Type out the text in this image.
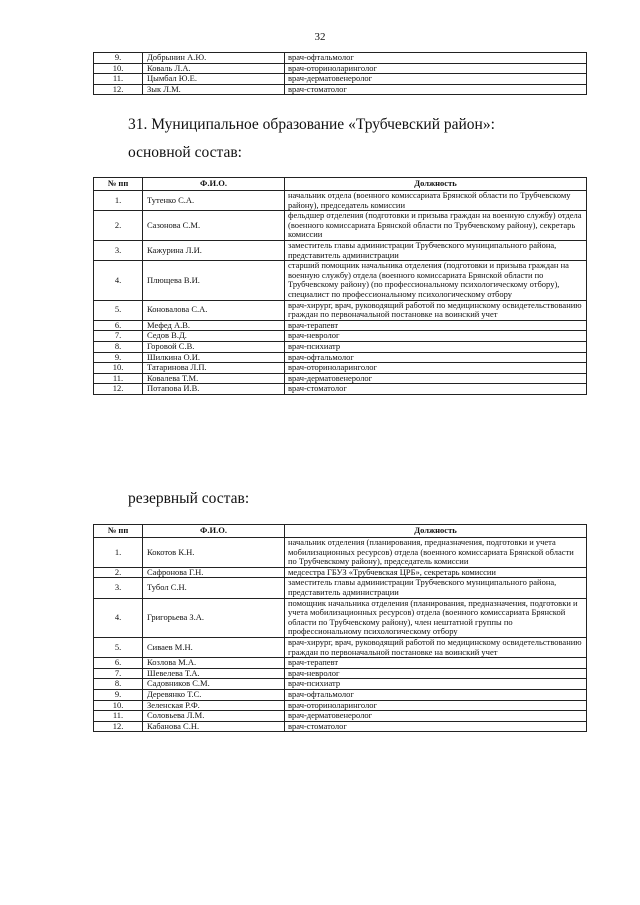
32
9.	Добрынин А.Ю.	врач-офтальмолог
10.	Коваль Л.А.	врач-оториноларинголог
11.	Цымбал Ю.Е.	врач-дерматовенеролог
12.	Зык Л.М.	врач-стоматолог
31. Муниципальное образование «Трубчевский район»:
основной состав:
№ пп	Ф.И.О.	Должность
1.	Тутенко С.А.	начальник отдела (военного комиссариата Брянской области по Трубчевскому району), председатель комиссии
2.	Сазонова С.М.	фельдшер отделения (подготовки и призыва граждан на военную службу) отдела (военного комиссариата Брянской области по Трубчевскому району), секретарь комиссии
3.	Кажурина Л.И.	заместитель главы администрации Трубчевского муниципального района, представитель администрации
4.	Плющева В.И.	старший помощник начальника отделения (подготовки и призыва граждан на военную службу) отдела (военного комиссариата Брянской области по Трубчевскому району) (по профессиональному психологическому отбору), специалист по профессиональному психологическому отбору
5.	Коновалова С.А.	врач-хирург, врач, руководящий работой по медицинскому освидетельствованию граждан по первоначальной постановке на воинский учет
6.	Мефед А.В.	врач-терапевт
7.	Седов В.Д.	врач-невролог
8.	Горовой С.В.	врач-психиатр
9.	Шилкина О.И.	врач-офтальмолог
10.	Татаринова Л.П.	врач-оториноларинголог
11.	Ковалева Т.М.	врач-дерматовенеролог
12.	Потапова И.В.	врач-стоматолог
резервный состав:
№ пп	Ф.И.О.	Должность
1.	Кокотов К.Н.	начальник отделения (планирования, предназначения, подготовки и учета мобилизационных ресурсов) отдела (военного комиссариата Брянской области по Трубчевскому району), председатель комиссии
2.	Сафронова Г.Н.	медсестра ГБУЗ «Трубчевская ЦРБ», секретарь комиссии
3.	Тубол С.Н.	заместитель главы администрации Трубчевского муниципального района, представитель администрации
4.	Григорьева З.А.	помощник начальника отделения (планирования, предназначения, подготовки и учета мобилизационных ресурсов) отдела (военного комиссариата Брянской области по Трубчевскому району), член нештатной группы по профессиональному психологическому отбору
5.	Сиваев М.Н.	врач-хирург, врач, руководящий работой по медицинскому освидетельствованию граждан по первоначальной постановке на воинский учет
6.	Козлова М.А.	врач-терапевт
7.	Шевелева Т.А.	врач-невролог
8.	Садовников С.М.	врач-психиатр
9.	Деревянко Т.С.	врач-офтальмолог
10.	Зеленская Р.Ф.	врач-оториноларинголог
11.	Соловьева Л.М.	врач-дерматовенеролог
12.	Кабанова С.Н.	врач-стоматолог
